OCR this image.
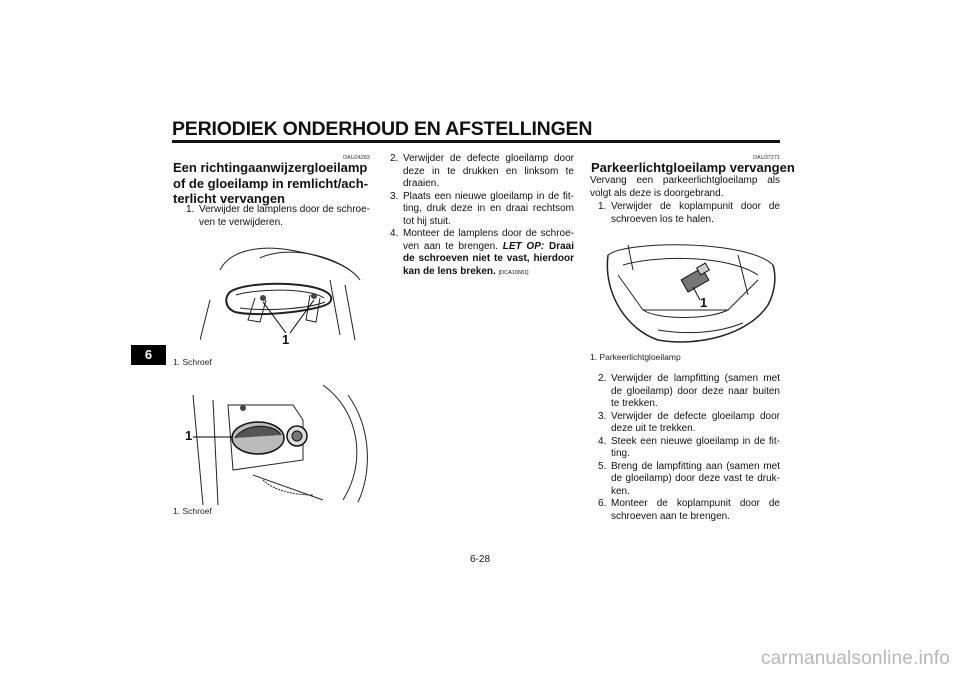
PERIODIEK ONDERHOUD EN AFSTELLINGEN
6
DAU24283
Een richtingaanwijzergloeilamp
of de gloeilamp in remlicht/ach-
terlicht vervangen
1. Verwijder de lamplens door de schroe-ven te verwijderen.
1
1. Schroef
1
1. Schroef
2. Verwijder de defecte gloeilamp door deze in te drukken en linksom te draaien.
3. Plaats een nieuwe gloeilamp in de fit-ting, druk deze in en draai rechtsom tot hij stuit.
4. Monteer de lamplens door de schroe-ven aan te brengen. LET OP: Draai de schroeven niet te vast, hierdoor kan de lens breken. [DCA10681]
DAU37271
Parkeerlichtgloeilamp vervangen
Vervang een parkeerlichtgloeilamp als volgt als deze is doorgebrand.
1. Verwijder de koplampunit door de schroeven los te halen.
1
1. Parkeerlichtgloeilamp
2. Verwijder de lampfitting (samen met de gloeilamp) door deze naar buiten te trekken.
3. Verwijder de defecte gloeilamp door deze uit te trekken.
4. Steek een nieuwe gloeilamp in de fit-ting.
5. Breng de lampfitting aan (samen met de gloeilamp) door deze vast te druk-ken.
6. Monteer de koplampunit door de schroeven aan te brengen.
6-28
carmanualsonline.info
